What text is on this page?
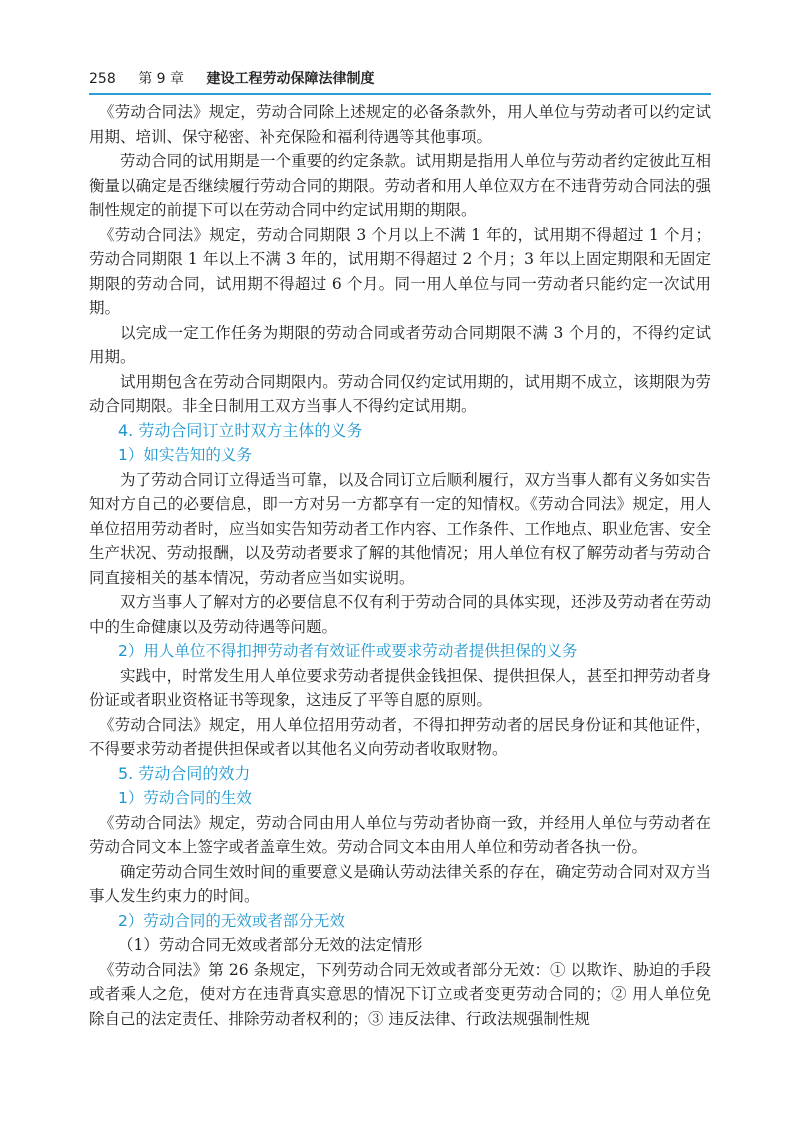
258 第 9 章 建设工程劳动保障法律制度

《劳动合同法》规定，劳动合同除上述规定的必备条款外，用人单位与劳动者可以约定试用期、培训、保守秘密、补充保险和福利待遇等其他事项。

劳动合同的试用期是一个重要的约定条款。试用期是指用人单位与劳动者约定彼此互相衡量以确定是否继续履行劳动合同的期限。劳动者和用人单位双方在不违背劳动合同法的强制性规定的前提下可以在劳动合同中约定试用期的期限。

《劳动合同法》规定，劳动合同期限 3 个月以上不满 1 年的，试用期不得超过 1 个月；劳动合同期限 1 年以上不满 3 年的，试用期不得超过 2 个月；3 年以上固定期限和无固定期限的劳动合同，试用期不得超过 6 个月。同一用人单位与同一劳动者只能约定一次试用期。

以完成一定工作任务为期限的劳动合同或者劳动合同期限不满 3 个月的，不得约定试用期。

试用期包含在劳动合同期限内。劳动合同仅约定试用期的，试用期不成立，该期限为劳动合同期限。非全日制用工双方当事人不得约定试用期。

4. 劳动合同订立时双方主体的义务
1）如实告知的义务

为了劳动合同订立得适当可靠，以及合同订立后顺利履行，双方当事人都有义务如实告知对方自己的必要信息，即一方对另一方都享有一定的知情权。《劳动合同法》规定，用人单位招用劳动者时，应当如实告知劳动者工作内容、工作条件、工作地点、职业危害、安全生产状况、劳动报酬，以及劳动者要求了解的其他情况；用人单位有权了解劳动者与劳动合同直接相关的基本情况，劳动者应当如实说明。

双方当事人了解对方的必要信息不仅有利于劳动合同的具体实现，还涉及劳动者在劳动中的生命健康以及劳动待遇等问题。

2）用人单位不得扣押劳动者有效证件或要求劳动者提供担保的义务

实践中，时常发生用人单位要求劳动者提供金钱担保、提供担保人，甚至扣押劳动者身份证或者职业资格证书等现象，这违反了平等自愿的原则。

《劳动合同法》规定，用人单位招用劳动者，不得扣押劳动者的居民身份证和其他证件，不得要求劳动者提供担保或者以其他名义向劳动者收取财物。

5. 劳动合同的效力
1）劳动合同的生效

《劳动合同法》规定，劳动合同由用人单位与劳动者协商一致，并经用人单位与劳动者在劳动合同文本上签字或者盖章生效。劳动合同文本由用人单位和劳动者各执一份。

确定劳动合同生效时间的重要意义是确认劳动法律关系的存在，确定劳动合同对双方当事人发生约束力的时间。

2）劳动合同的无效或者部分无效
（1）劳动合同无效或者部分无效的法定情形

《劳动合同法》第 26 条规定，下列劳动合同无效或者部分无效：① 以欺诈、胁迫的手段或者乘人之危，使对方在违背真实意思的情况下订立或者变更劳动合同的；② 用人单位免除自己的法定责任、排除劳动者权利的；③ 违反法律、行政法规强制性规
